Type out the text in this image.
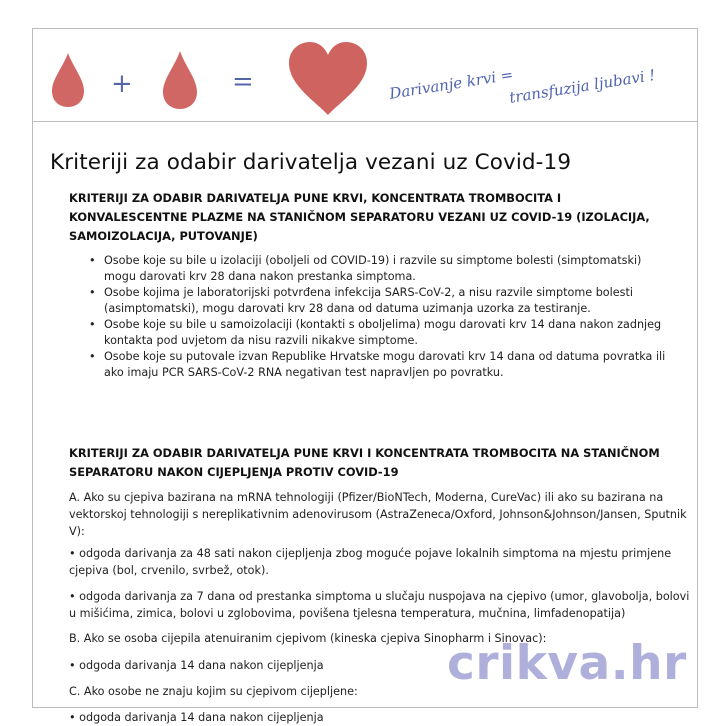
+	=	Darivanje krvi =
transfuzija ljubavi !
Kriteriji za odabir darivatelja vezani uz Covid-19
KRITERIJI ZA ODABIR DARIVATELJA PUNE KRVI, KONCENTRATA TROMBOCITA I KONVALESCENTNE PLAZME NA STANIČNOM SEPARATORU VEZANI UZ COVID-19 (IZOLACIJA, SAMOIZOLACIJA, PUTOVANJE)
• Osobe koje su bile u izolaciji (oboljeli od COVID-19) i razvile su simptome bolesti (simptomatski) mogu darovati krv 28 dana nakon prestanka simptoma.
• Osobe kojima je laboratorijski potvrđena infekcija SARS-CoV-2, a nisu razvile simptome bolesti (asimptomatski), mogu darovati krv 28 dana od datuma uzimanja uzorka za testiranje.
• Osobe koje su bile u samoizolaciji (kontakti s oboljelima) mogu darovati krv 14 dana nakon zadnjeg kontakta pod uvjetom da nisu razvili nikakve simptome.
• Osobe koje su putovale izvan Republike Hrvatske mogu darovati krv 14 dana od datuma povratka ili ako imaju PCR SARS-CoV-2 RNA negativan test napravljen po povratku.
KRITERIJI ZA ODABIR DARIVATELJA PUNE KRVI I KONCENTRATA TROMBOCITA NA STANIČNOM SEPARATORU NAKON CIJEPLJENJA PROTIV COVID-19

A. Ako su cjepiva bazirana na mRNA tehnologiji (Pfizer/BioNTech, Moderna, CureVac) ili ako su bazirana na vektorskoj tehnologiji s nereplikativnim adenovirusom (AstraZeneca/Oxford, Johnson&Johnson/Jansen, Sputnik V):

• odgoda darivanja za 48 sati nakon cijepljenja zbog moguće pojave lokalnih simptoma na mjestu primjene cjepiva (bol, crvenilo, svrbež, otok).

• odgoda darivanja za 7 dana od prestanka simptoma u slučaju nuspojava na cjepivo (umor, glavobolja, bolovi u mišićima, zimica, bolovi u zglobovima, povišena tjelesna temperatura, mučnina, limfadenopatija)

B. Ako se osoba cijepila atenuiranim cjepivom (kineska cjepiva Sinopharm i Sinovac):

• odgoda darivanja 14 dana nakon cijepljenja

C. Ako osobe ne znaju kojim su cjepivom cijepljene:

• odgoda darivanja 14 dana nakon cijepljenja

crikva.hr
